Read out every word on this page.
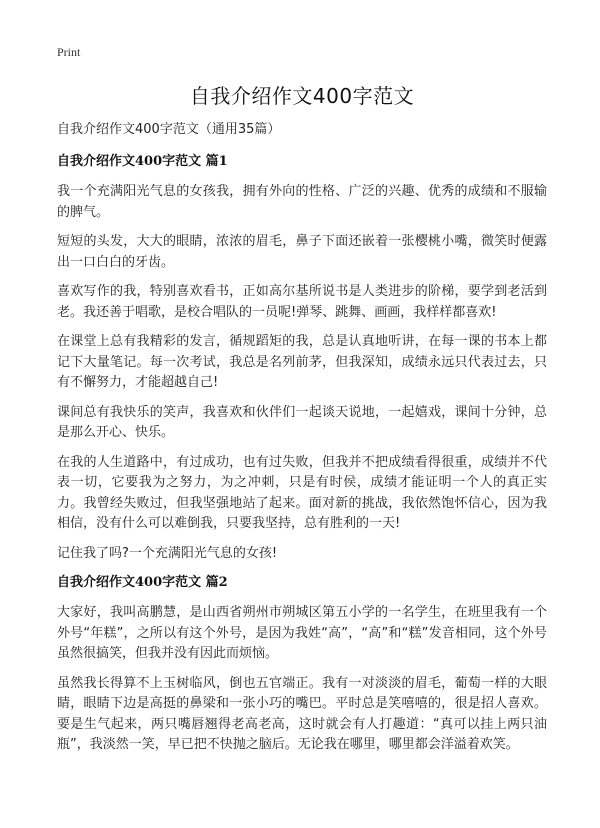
Print
自我介绍作文400字范文

自我介绍作文400字范文（通用35篇）

自我介绍作文400字范文 篇1

我一个充满阳光气息的女孩我，拥有外向的性格、广泛的兴趣、优秀的成绩和不服输的脾气。

短短的头发，大大的眼睛，浓浓的眉毛，鼻子下面还嵌着一张樱桃小嘴，微笑时便露出一口白白的牙齿。

喜欢写作的我，特别喜欢看书，正如高尔基所说书是人类进步的阶梯，要学到老活到老。我还善于唱歌，是校合唱队的一员呢!弹琴、跳舞、画画，我样样都喜欢!

在课堂上总有我精彩的发言，循规蹈矩的我，总是认真地听讲，在每一课的书本上都记下大量笔记。每一次考试，我总是名列前茅，但我深知，成绩永远只代表过去，只有不懈努力，才能超越自己!

课间总有我快乐的笑声，我喜欢和伙伴们一起谈天说地，一起嬉戏，课间十分钟，总是那么开心、快乐。

在我的人生道路中，有过成功，也有过失败，但我并不把成绩看得很重，成绩并不代表一切，它要我为之努力，为之冲刺，只是有时侯，成绩才能证明一个人的真正实力。我曾经失败过，但我坚强地站了起来。面对新的挑战，我依然饱怀信心，因为我相信，没有什么可以难倒我，只要我坚持，总有胜利的一天!

记住我了吗?一个充满阳光气息的女孩!

自我介绍作文400字范文 篇2

大家好，我叫高鹏慧，是山西省朔州市朔城区第五小学的一名学生，在班里我有一个外号“年糕”，之所以有这个外号，是因为我姓“高”，“高”和“糕”发音相同，这个外号虽然很搞笑，但我并没有因此而烦恼。

虽然我长得算不上玉树临风，倒也五官端正。我有一对淡淡的眉毛，葡萄一样的大眼睛，眼睛下边是高挺的鼻梁和一张小巧的嘴巴。平时总是笑嘻嘻的，很是招人喜欢。要是生气起来，两只嘴唇翘得老高老高，这时就会有人打趣道：“真可以挂上两只油瓶”，我淡然一笑，早已把不快抛之脑后。无论我在哪里，哪里都会洋溢着欢笑。
